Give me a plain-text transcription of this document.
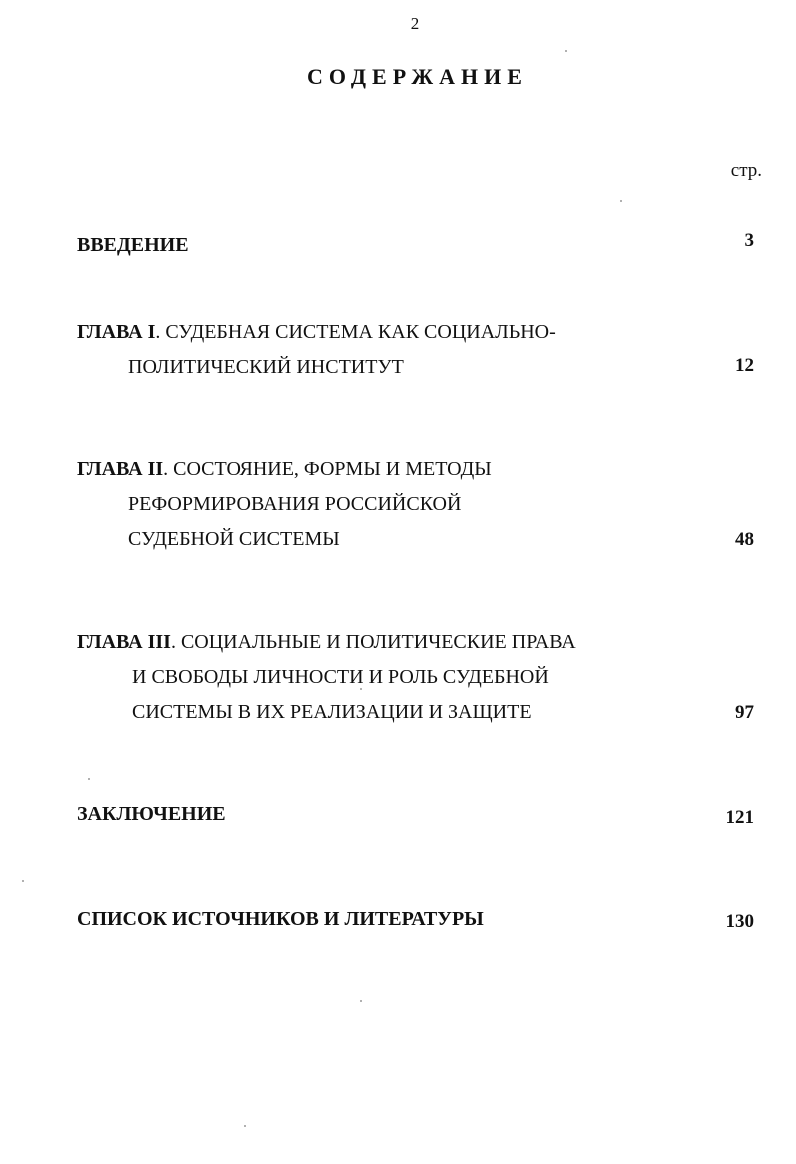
2
СОДЕРЖАНИЕ
стр.
ВВЕДЕНИЕ	3
ГЛАВА I. СУДЕБНАЯ СИСТЕМА КАК СОЦИАЛЬНО-
ПОЛИТИЧЕСКИЙ ИНСТИТУТ	12
ГЛАВА II. СОСТОЯНИЕ, ФОРМЫ И МЕТОДЫ
РЕФОРМИРОВАНИЯ РОССИЙСКОЙ
СУДЕБНОЙ СИСТЕМЫ	48
ГЛАВА III. СОЦИАЛЬНЫЕ И ПОЛИТИЧЕСКИЕ ПРАВА
И СВОБОДЫ ЛИЧНОСТИ И РОЛЬ СУДЕБНОЙ
СИСТЕМЫ В ИХ РЕАЛИЗАЦИИ И ЗАЩИТЕ	97
ЗАКЛЮЧЕНИЕ	121
СПИСОК ИСТОЧНИКОВ И ЛИТЕРАТУРЫ	130
